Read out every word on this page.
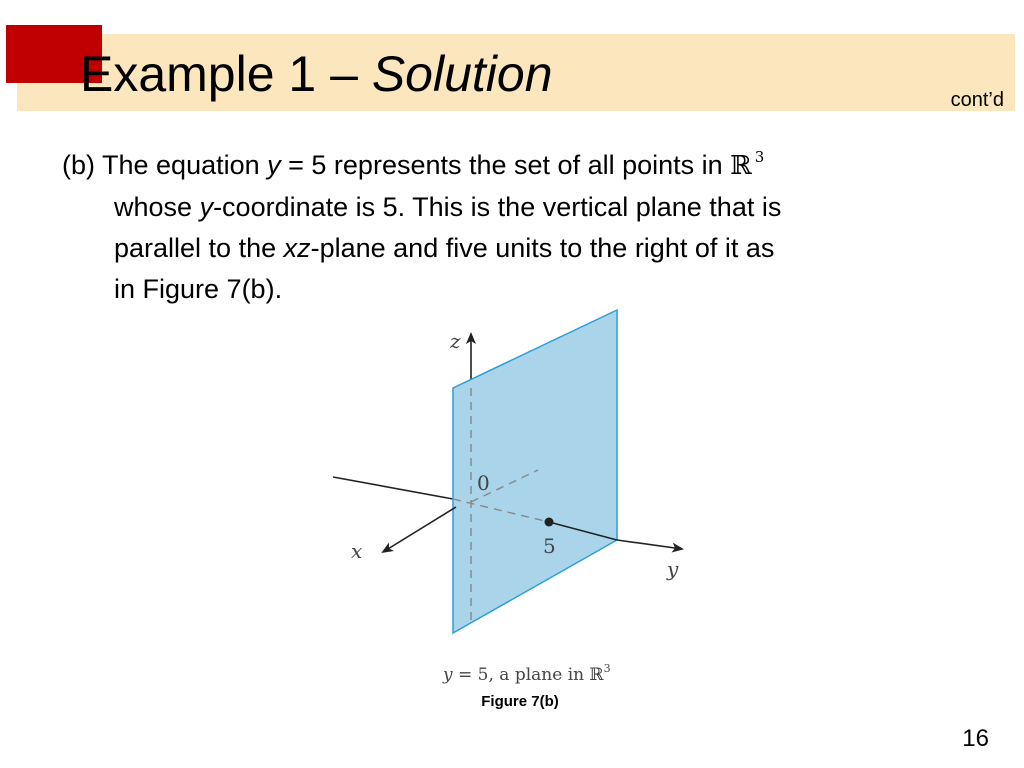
Example 1 – Solution	cont’d
(b) The equation y = 5 represents the set of all points in ℝ $^3$
whose y-coordinate is 5. This is the vertical plane that is
parallel to the xz-plane and five units to the right of it as
in Figure 7(b).
z
x
y
0
5
y = 5, a plane in ℝ$^3$
Figure 7(b)
16
